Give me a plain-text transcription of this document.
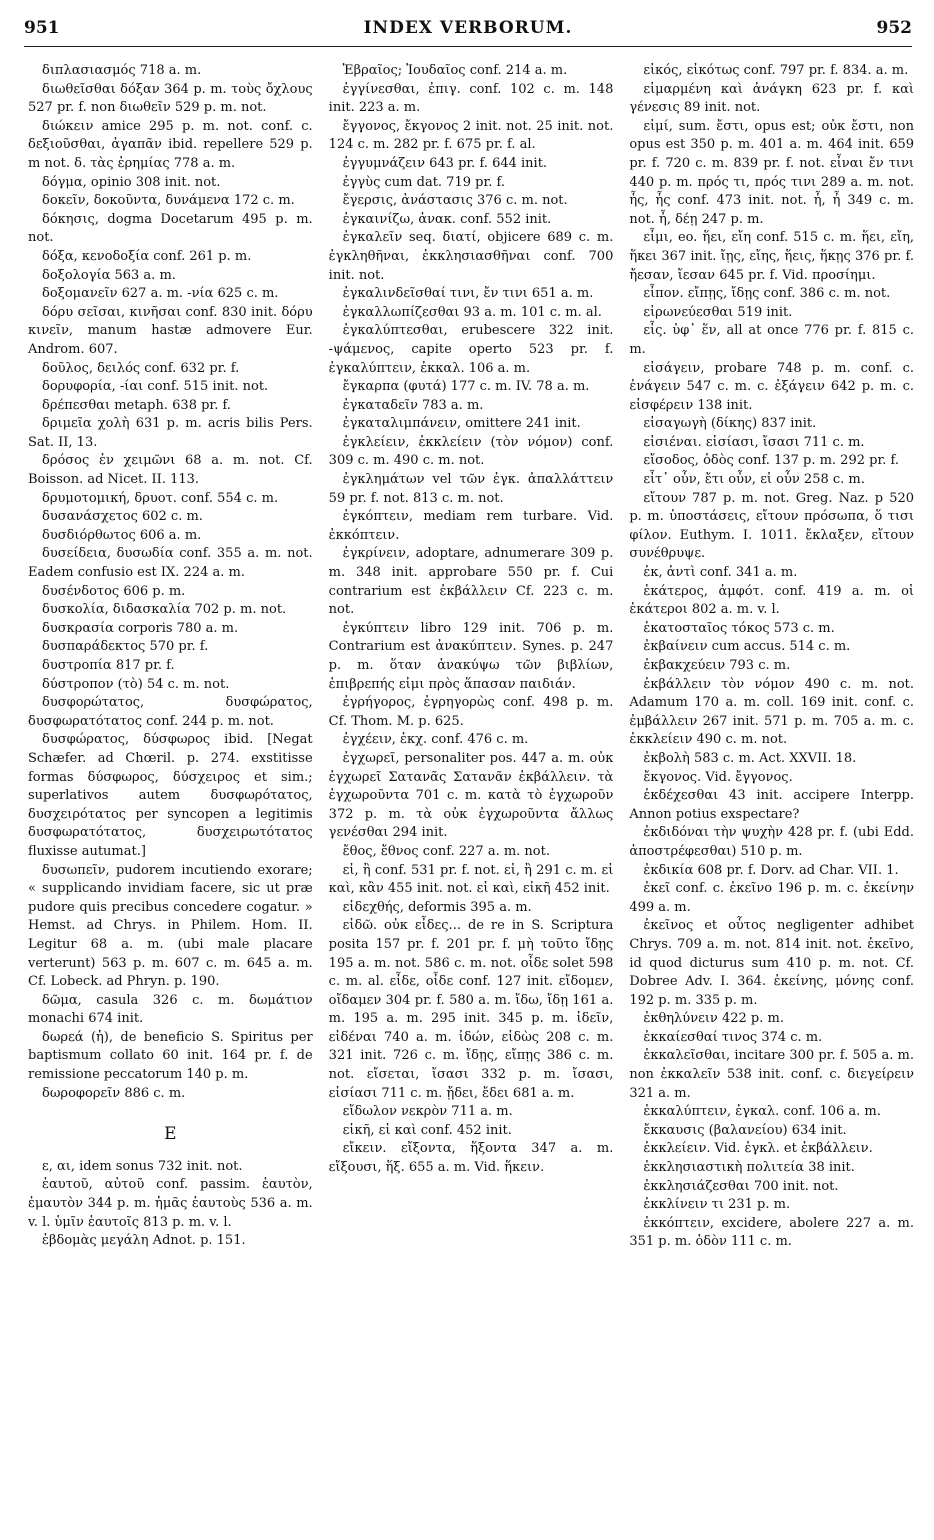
951	INDEX VERBORUM.	952

διπλασιασμός 718 a. m.

διωθεῖσθαι δόξαν 364 p. m. τοὺς ὄχλους 527 pr. f. non διωθεῖν 529 p. m. not.

διώκειν amice 295 p. m. not. conf. c. δεξιοῦσθαι, ἀγαπᾶν ibid. repellere 529 p. m not. δ. τὰς ἐρημίας 778 a. m.

δόγμα, opinio 308 init. not.

δοκεῖν, δοκοῦντα, δυνάμενα 172 c. m.

δόκησις, dogma Docetarum 495 p. m. not.

δόξα, κενοδοξία conf. 261 p. m.

δοξολογία 563 a. m.

δοξομανεῖν 627 a. m. -νία 625 c. m.

δόρυ σεῖσαι, κινῆσαι conf. 830 init. δόρυ κινεῖν, manum hastæ admovere Eur. Androm. 607.

δοῦλος, δειλός conf. 632 pr. f.

δορυφορία, -ίαι conf. 515 init. not.

δρέπεσθαι metaph. 638 pr. f.

δριμεῖα χολὴ 631 p. m. acris bilis Pers. Sat. II, 13.

δρόσος ἐν χειμῶνι 68 a. m. not. Cf. Boisson. ad Nicet. II. 113.

δρυμοτομική, δρυοτ. conf. 554 c. m.

δυσανάσχετος 602 c. m.

δυσδιόρθωτος 606 a. m.

δυσείδεια, δυσωδία conf. 355 a. m. not. Eadem confusio est IX. 224 a. m.

δυσένδοτος 606 p. m.

δυσκολία, διδασκαλία 702 p. m. not.

δυσκρασία corporis 780 a. m.

δυσπαράδεκτος 570 pr. f.

δυστροπία 817 pr. f.

δύστροπον (τὸ) 54 c. m. not.

δυσφορώτατος, δυσφώρατος, δυσφωρατότατος conf. 244 p. m. not.

δυσφώρατος, δύσφωρος ibid. [Negat Schæfer. ad Chœril. p. 274. exstitisse formas δύσφωρος, δύσχειρος et sim.; superlativos autem δυσφωρότατος, δυσχειρότατος per syncopen a legitimis δυσφωρατότατος, δυσχειρωτότατος fluxisse autumat.]

δυσωπεῖν, pudorem incutiendo exorare; « supplicando invidiam facere, sic ut præ pudore quis precibus concedere cogatur. » Hemst. ad Chrys. in Philem. Hom. II. Legitur 68 a. m. (ubi male placare verterunt) 563 p. m. 607 c. m. 645 a. m. Cf. Lobeck. ad Phryn. p. 190.

δῶμα, casula 326 c. m. δωμάτιον monachi 674 init.

δωρεά (ἡ), de beneficio S. Spiritus per baptismum collato 60 init. 164 pr. f. de remissione peccatorum 140 p. m.

δωροφορεῖν 886 c. m.

E

ε, αι, idem sonus 732 init. not.

ἑαυτοῦ, αὐτοῦ conf. passim. ἑαυτὸν, ἐμαυτὸν 344 p. m. ἡμᾶς ἑαυτοὺς 536 a. m. v. l. ὑμῖν ἑαυτοῖς 813 p. m. v. l.

ἑβδομὰς μεγάλη Adnot. p. 151.

Ἑβραῖος; Ἰουδαῖος conf. 214 a. m.

ἐγγίνεσθαι, ἐπιγ. conf. 102 c. m. 148 init. 223 a. m.

ἔγγονος, ἔκγονος 2 init. not. 25 init. not. 124 c. m. 282 pr. f. 675 pr. f. al.

ἐγγυμνάζειν 643 pr. f. 644 init.

ἐγγὺς cum dat. 719 pr. f.

ἔγερσις, ἀνάστασις 376 c. m. not.

ἐγκαινίζω, ἀνακ. conf. 552 init.

ἐγκαλεῖν seq. διατί, objicere 689 c. m. ἐγκληθῆναι, ἐκκλησιασθῆναι conf. 700 init. not.

ἐγκαλινδεῖσθαί τινι, ἔν τινι 651 a. m.

ἐγκαλλωπίζεσθαι 93 a. m. 101 c. m. al.

ἐγκαλύπτεσθαι, erubescere 322 init. -ψάμενος, capite operto 523 pr. f. ἐγκαλύπτειν, ἐκκαλ. 106 a. m.

ἔγκαρπα (φυτά) 177 c. m. IV. 78 a. m.

ἐγκαταδεῖν 783 a. m.

ἐγκαταλιμπάνειν, omittere 241 init.

ἐγκλείειν, ἐκκλείειν (τὸν νόμον) conf. 309 c. m. 490 c. m. not.

ἐγκλημάτων vel τῶν ἐγκ. ἀπαλλάττειν 59 pr. f. not. 813 c. m. not.

ἐγκόπτειν, mediam rem turbare. Vid. ἐκκόπτειν.

ἐγκρίνειν, adoptare, adnumerare 309 p. m. 348 init. approbare 550 pr. f. Cui contrarium est ἐκβάλλειν Cf. 223 c. m. not.

ἐγκύπτειν libro 129 init. 706 p. m. Contrarium est ἀνακύπτειν. Synes. p. 247 p. m. ὅταν ἀνακύψω τῶν βιβλίων, ἐπιβρεπής εἰμι πρὸς ἅπασαν παιδιάν.

ἐγρήγορος, ἐγρηγορὼς conf. 498 p. m. Cf. Thom. M. p. 625.

ἐγχέειν, ἐκχ. conf. 476 c. m.

ἐγχωρεῖ, personaliter pos. 447 a. m. οὐκ ἐγχωρεῖ Σατανᾶς Σατανᾶν ἐκβάλλειν. τὰ ἐγχωροῦντα 701 c. m. κατὰ τὸ ἐγχωροῦν 372 p. m. τὰ οὐκ ἐγχωροῦντα ἄλλως γενέσθαι 294 init.

ἔθος, ἔθνος conf. 227 a. m. not.

εἰ, ἢ conf. 531 pr. f. not. εἰ, ἢ 291 c. m. εἰ καὶ, κἂν 455 init. not. εἰ καὶ, εἰκῆ 452 init.

εἰδεχθής, deformis 395 a. m.

εἰδῶ. οὐκ εἶδες... de re in S. Scriptura posita 157 pr. f. 201 pr. f. μὴ τοῦτο ἴδῃς 195 a. m. not. 586 c. m. not. οἶδε solet 598 c. m. al. εἶδε, οἶδε conf. 127 init. εἴδομεν, οἴδαμεν 304 pr. f. 580 a. m. ἴδω, ἴδῃ 161 a. m. 195 a. m. 295 init. 345 p. m. ἰδεῖν, εἰδέναι 740 a. m. ἰδών, εἰδὼς 208 c. m. 321 init. 726 c. m. ἴδῃς, εἴπῃς 386 c. m. not. εἴσεται, ἴσασι 332 p. m. ἴσασι, εἰσίασι 711 c. m. ᾔδει, ἔδει 681 a. m.

εἴδωλον νεκρὸν 711 a. m.

εἰκῆ, εἰ καὶ conf. 452 init.

εἴκειν. εἴξοντα, ἥξοντα 347 a. m. εἴξουσι, ἥξ. 655 a. m. Vid. ἥκειν.

εἰκός, εἰκότως conf. 797 pr. f. 834. a. m.

εἱμαρμένη καὶ ἀνάγκη 623 pr. f. καὶ γένεσις 89 init. not.

εἰμί, sum. ἔστι, opus est; οὐκ ἔστι, non opus est 350 p. m. 401 a. m. 464 init. 659 pr. f. 720 c. m. 839 pr. f. not. εἶναι ἔν τινι 440 p. m. πρός τι, πρός τινι 289 a. m. not. ἧς, ἧς conf. 473 init. not. ἦ, ἦ 349 c. m. not. ἦ, δέῃ 247 p. m.

εἶμι, eo. ἥει, εἴη conf. 515 c. m. ἥει, εἴη, ἥκει 367 init. ἴῃς, εἴης, ἥεις, ἥκῃς 376 pr. f. ἤεσαν, ἴεσαν 645 pr. f. Vid. προσίημι.

εἶπον. εἴπῃς, ἴδῃς conf. 386 c. m. not.

εἰρωνεύεσθαι 519 init.

εἷς. ὑφ᾽ ἕν, all at once 776 pr. f. 815 c. m.

εἰσάγειν, probare 748 p. m. conf. c. ἐνάγειν 547 c. m. c. ἐξάγειν 642 p. m. c. εἰσφέρειν 138 init.

εἰσαγωγὴ (δίκης) 837 init.

εἰσιέναι. εἰσίασι, ἴσασι 711 c. m.

εἴσοδος, ὁδὸς conf. 137 p. m. 292 pr. f.

εἶτ᾽ οὖν, ἔτι οὖν, εἰ οὖν 258 c. m.

εἴτουν 787 p. m. not. Greg. Naz. p 520 p. m. ὑποστάσεις, εἴτουν πρόσωπα, ὅ τισι φίλον. Euthym. I. 1011. ἔκλαξεν, εἴτουν συνέθρυψε.

ἐκ, ἀντὶ conf. 341 a. m.

ἑκάτερος, ἀμφότ. conf. 419 a. m. οἱ ἑκάτεροι 802 a. m. v. l.

ἑκατοσταῖος τόκος 573 c. m.

ἐκβαίνειν cum accus. 514 c. m.

ἐκβακχεύειν 793 c. m.

ἐκβάλλειν τὸν νόμον 490 c. m. not. Adamum 170 a. m. coll. 169 init. conf. c. ἐμβάλλειν 267 init. 571 p. m. 705 a. m. c. ἐκκλείειν 490 c. m. not.

ἐκβολὴ 583 c. m. Act. XXVII. 18.

ἔκγονος. Vid. ἔγγονος.

ἐκδέχεσθαι 43 init. accipere Interpp. Annon potius exspectare?

ἐκδιδόναι τὴν ψυχὴν 428 pr. f. (ubi Edd. ἀποστρέφεσθαι) 510 p. m.

ἐκδικία 608 pr. f. Dorv. ad Char. VII. 1.

ἐκεῖ conf. c. ἐκεῖνο 196 p. m. c. ἐκείνην 499 a. m.

ἐκεῖνος et οὗτος negligenter adhibet Chrys. 709 a. m. not. 814 init. not. ἐκεῖνο, id quod dicturus sum 410 p. m. not. Cf. Dobree Adv. I. 364. ἐκείνης, μόνης conf. 192 p. m. 335 p. m.

ἐκθηλύνειν 422 p. m.

ἐκκαίεσθαί τινος 374 c. m.

ἐκκαλεῖσθαι, incitare 300 pr. f. 505 a. m. non ἐκκαλεῖν 538 init. conf. c. διεγείρειν 321 a. m.

ἐκκαλύπτειν, ἐγκαλ. conf. 106 a. m.

ἔκκαυσις (βαλανείου) 634 init.

ἐκκλείειν. Vid. ἐγκλ. et ἐκβάλλειν.

ἐκκλησιαστικὴ πολιτεία 38 init.

ἐκκλησιάζεσθαι 700 init. not.

ἐκκλίνειν τι 231 p. m.

ἐκκόπτειν, excidere, abolere 227 a. m. 351 p. m. ὁδὸν 111 c. m.
